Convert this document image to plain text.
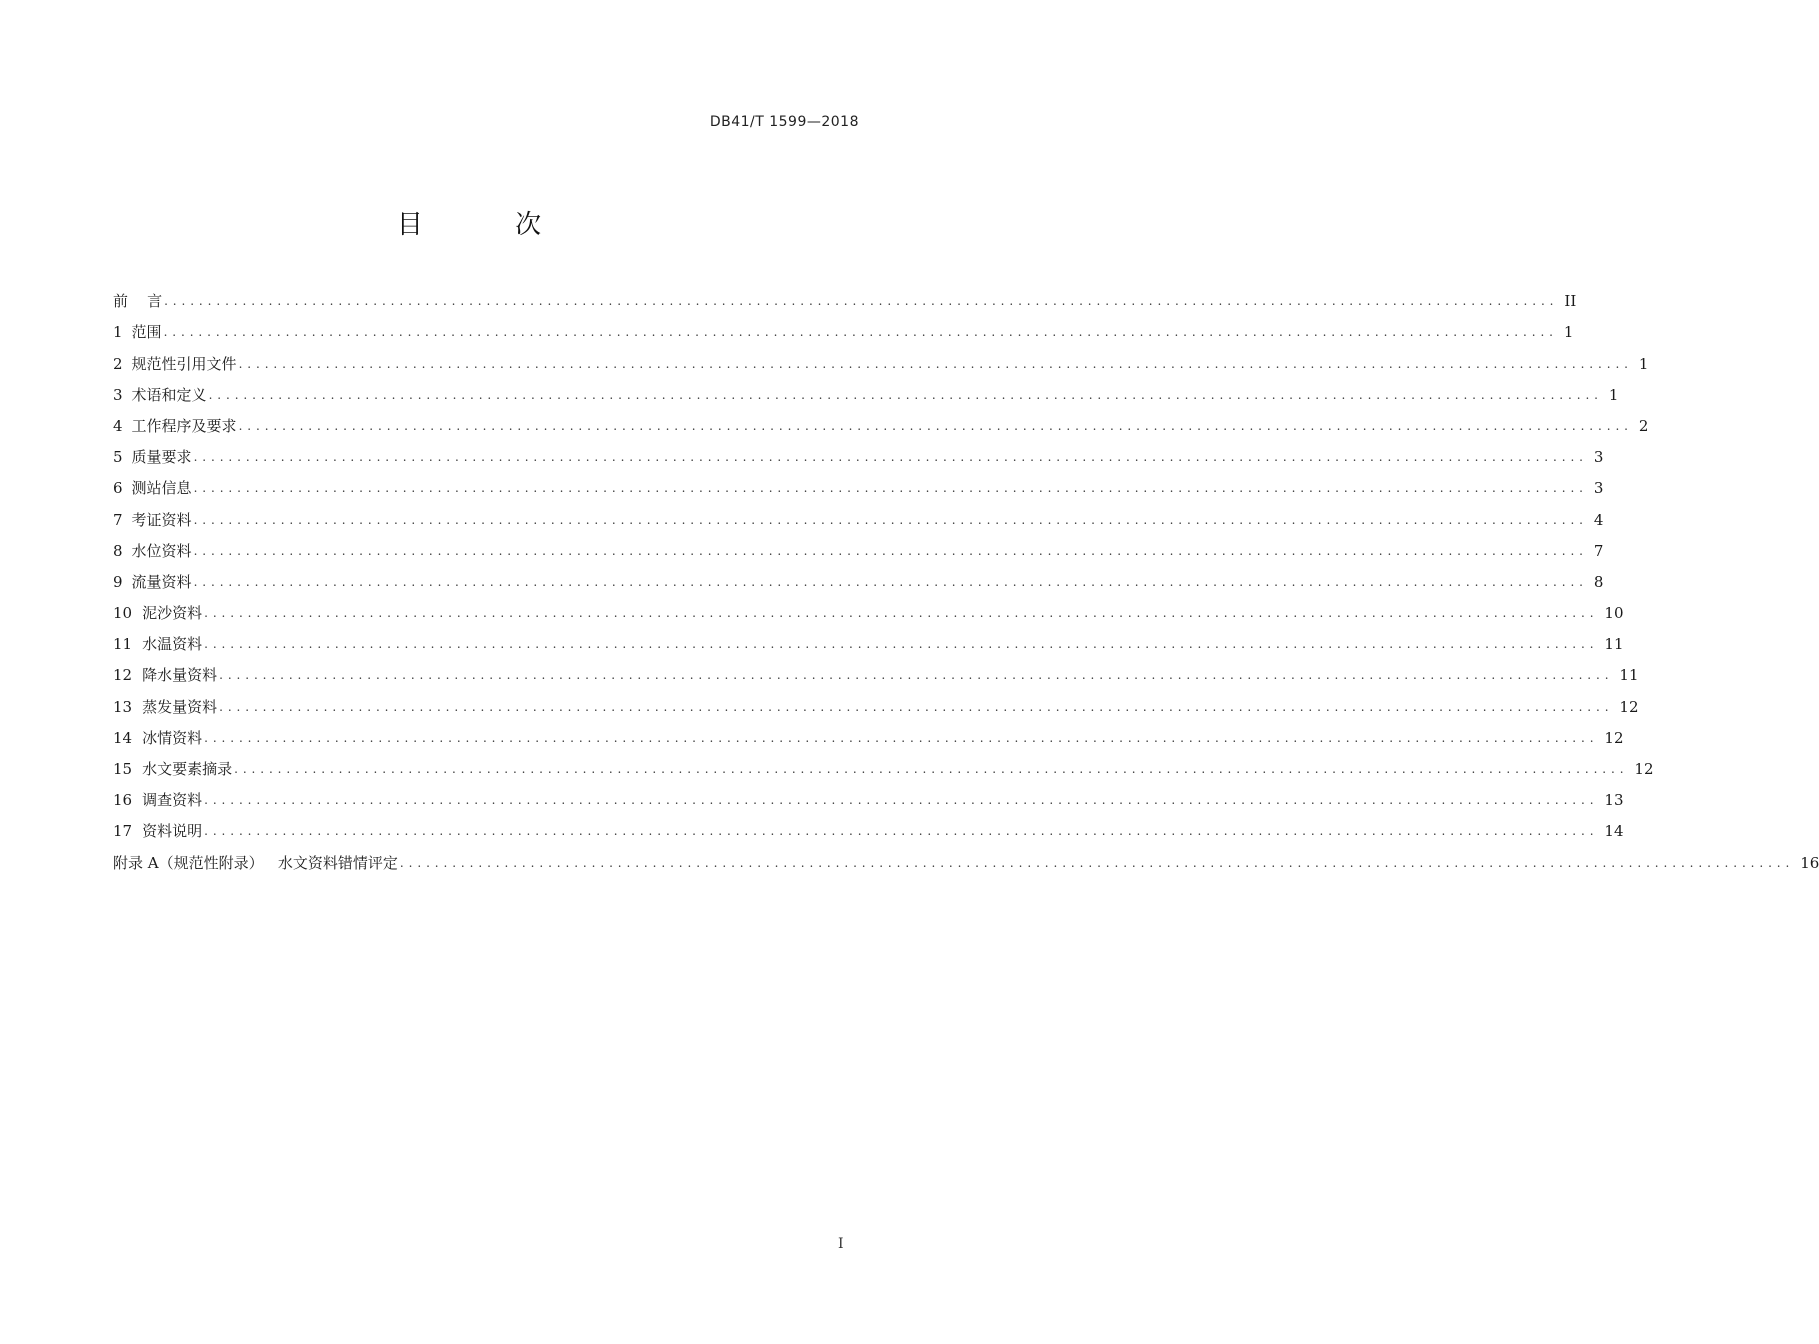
DB41/T 1599—2018
目 次
前    言 ................................................................................................................................................................ II
1 范围 ................................................................................................................................................................ 1
2 规范性引用文件 ................................................................................................................................................................ 1
3 术语和定义 ................................................................................................................................................................ 1
4 工作程序及要求 ................................................................................................................................................................ 2
5 质量要求 ................................................................................................................................................................ 3
6 测站信息 ................................................................................................................................................................ 3
7 考证资料 ................................................................................................................................................................ 4
8 水位资料 ................................................................................................................................................................ 7
9 流量资料 ................................................................................................................................................................ 8
10 泥沙资料 ................................................................................................................................................................ 10
11 水温资料 ................................................................................................................................................................ 11
12 降水量资料 ................................................................................................................................................................ 11
13 蒸发量资料 ................................................................................................................................................................ 12
14 冰情资料 ................................................................................................................................................................ 12
15 水文要素摘录 ................................................................................................................................................................ 12
16 调查资料 ................................................................................................................................................................ 13
17 资料说明 ................................................................................................................................................................ 14
附录 A（规范性附录）   水文资料错情评定 ................................................................................................................................................................ 16
I
